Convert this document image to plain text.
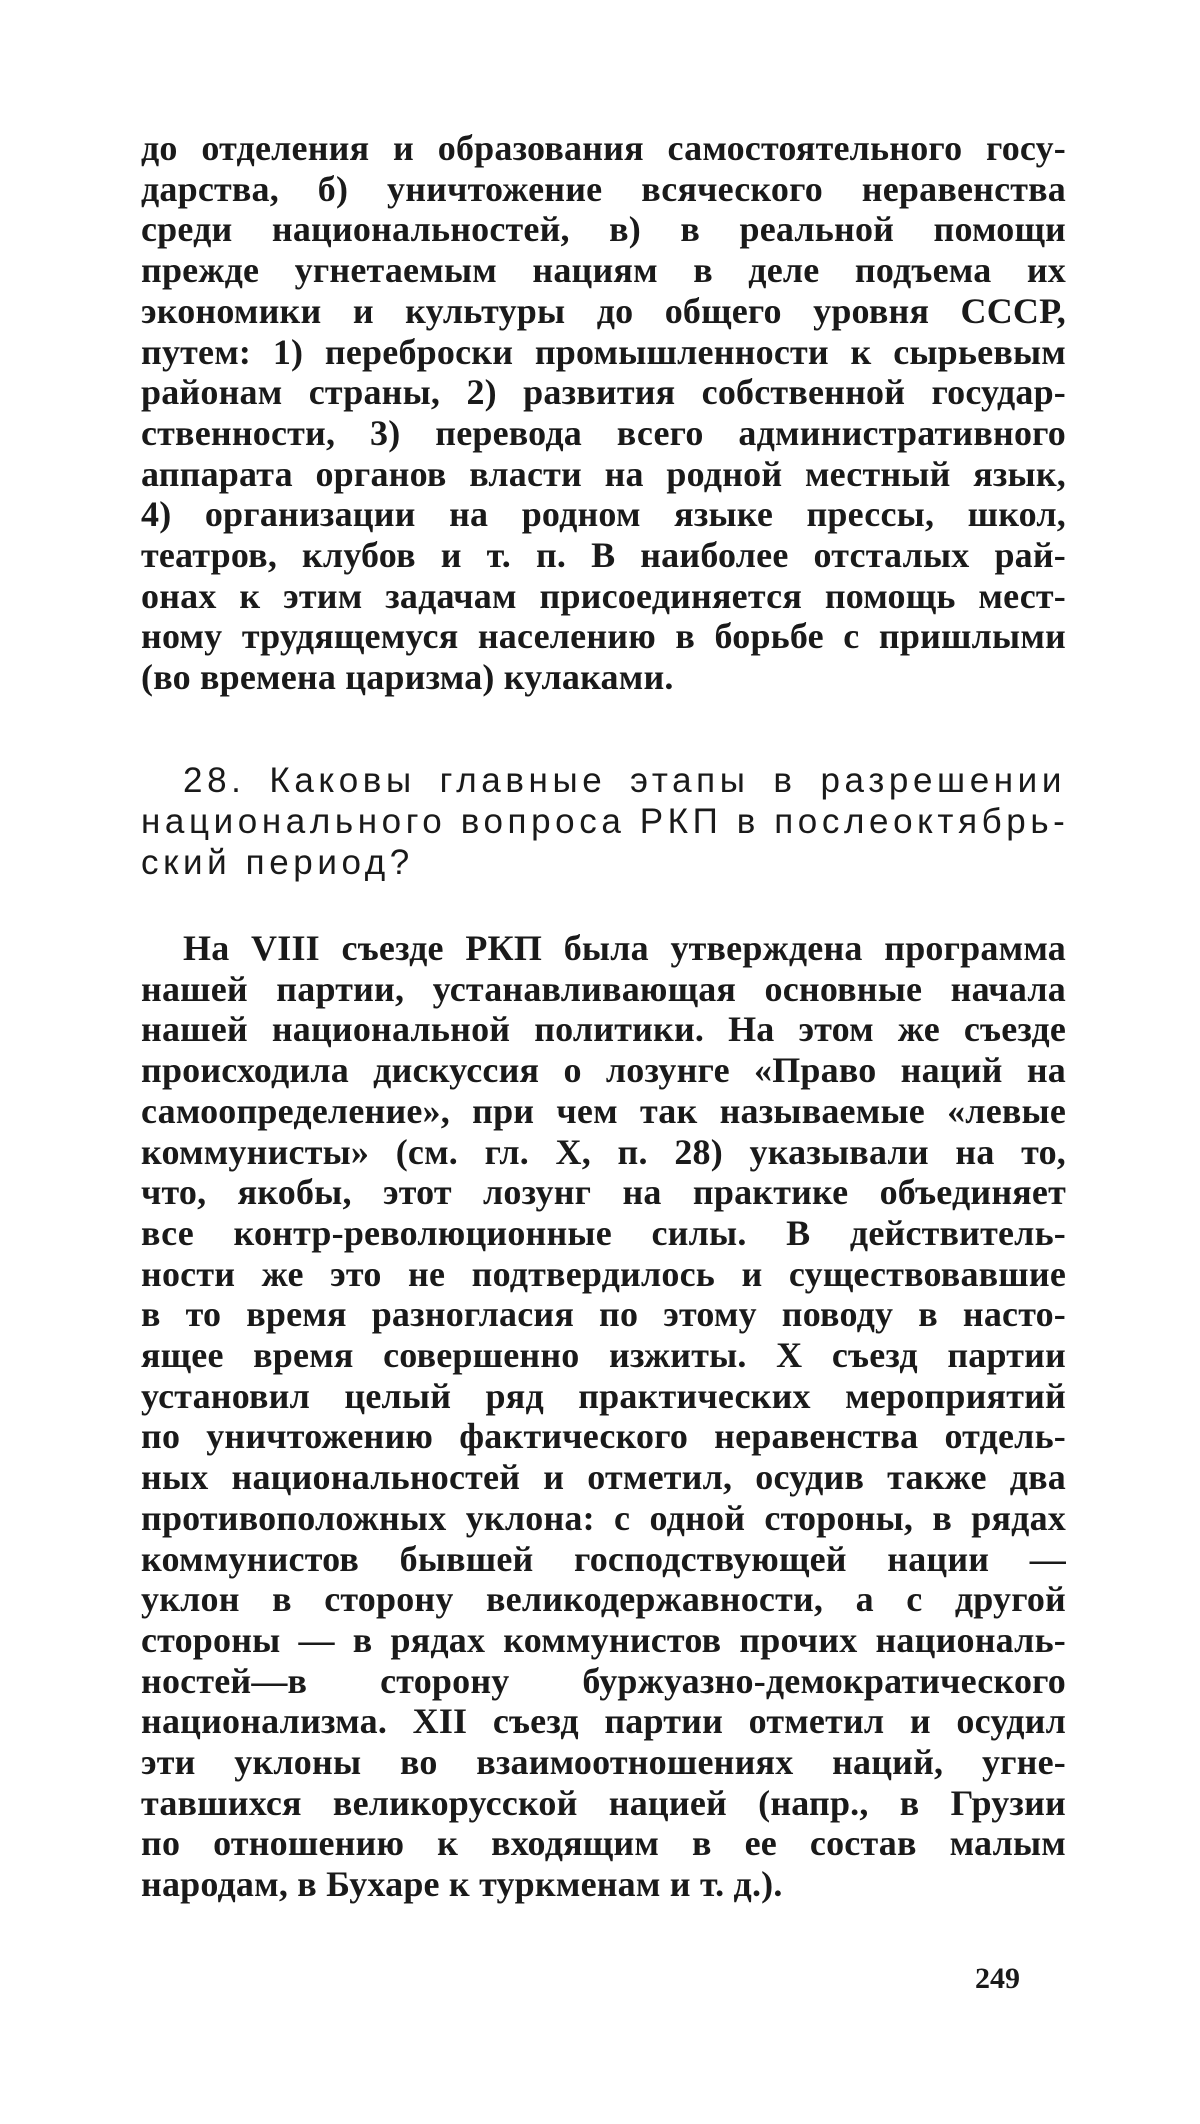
до отделения и образования самостоятельного госу-
дарства, б) уничтожение всяческого неравенства
среди национальностей, в) в реальной помощи
прежде угнетаемым нациям в деле подъема их
экономики и культуры до общего уровня СССР,
путем: 1) переброски промышленности к сырьевым
районам страны, 2) развития собственной государ-
ственности, 3) перевода всего административного
аппарата органов власти на родной местный язык,
4) организации на родном языке прессы, школ,
театров, клубов и т. п. В наиболее отсталых рай-
онах к этим задачам присоединяется помощь мест-
ному трудящемуся населению в борьбе с пришлыми
(во времена царизма) кулаками.
28. Каковы главные этапы в разрешении
национального вопроса РКП в послеоктябрь-
ский период?
На VIII съезде РКП была утверждена программа
нашей партии, устанавливающая основные начала
нашей национальной политики. На этом же съезде
происходила дискуссия о лозунге «Право наций на
самоопределение», при чем так называемые «левые
коммунисты» (см. гл. X, п. 28) указывали на то,
что, якобы, этот лозунг на практике объединяет
все контр-революционные силы. В действитель-
ности же это не подтвердилось и существовавшие
в то время разногласия по этому поводу в насто-
ящее время совершенно изжиты. X съезд партии
установил целый ряд практических мероприятий
по уничтожению фактического неравенства отдель-
ных национальностей и отметил, осудив также два
противоположных уклона: с одной стороны, в рядах
коммунистов бывшей господствующей нации —
уклон в сторону великодержавности, а с другой
стороны — в рядах коммунистов прочих националь-
ностей—в сторону буржуазно-демократического
национализма. XII съезд партии отметил и осудил
эти уклоны во взаимоотношениях наций, угне-
тавшихся великорусской нацией (напр., в Грузии
по отношению к входящим в ее состав малым
народам, в Бухаре к туркменам и т. д.).
249
